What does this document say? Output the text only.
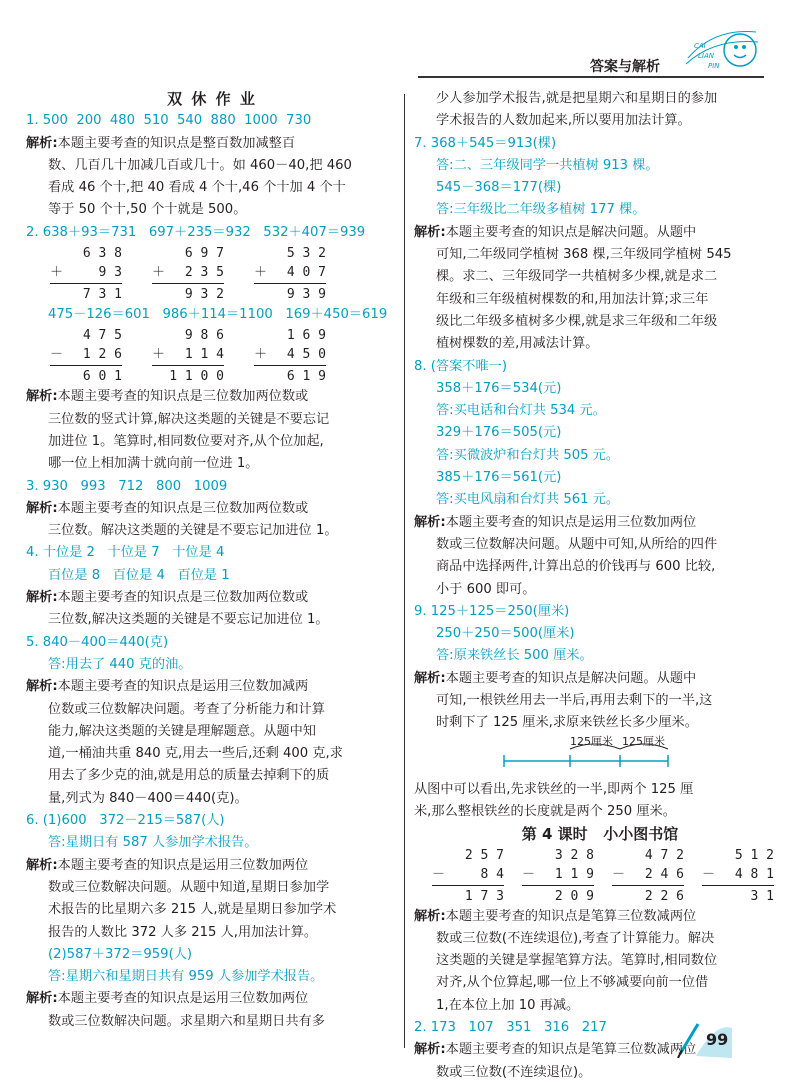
答案与解析
CAI
LIAN
PIN
双 休 作 业
1. 500  200  480  510  540  880  1000  730
解析:本题主要考查的知识点是整百数加减整百
数、几百几十加减几百或几十。如 460－40,把 460
看成 46 个十,把 40 看成 4 个十,46 个十加 4 个十
等于 50 个十,50 个十就是 500。
2. 638＋93＝731   697＋235＝932   532＋407＝939
6 3 8
＋ 9 3
7 3 1
6 9 7
＋ 2 3 5
9 3 2
5 3 2
＋ 4 0 7
9 3 9
475－126＝601   986＋114＝1100   169＋450＝619
4 7 5
－ 1 2 6
6 0 1
9 8 6
＋ 1 1 4
1 1 0 0
1 6 9
＋ 4 5 0
6 1 9
解析:本题主要考查的知识点是三位数加两位数或
三位数的竖式计算,解决这类题的关键是不要忘记
加进位 1。笔算时,相同数位要对齐,从个位加起,
哪一位上相加满十就向前一位进 1。
3. 930   993   712   800   1009
解析:本题主要考查的知识点是三位数加两位数或
三位数。解决这类题的关键是不要忘记加进位 1。
4. 十位是 2   十位是 7   十位是 4
百位是 8   百位是 4   百位是 1
解析:本题主要考查的知识点是三位数加两位数或
三位数,解决这类题的关键是不要忘记加进位 1。
5. 840－400＝440(克)
答:用去了 440 克的油。
解析:本题主要考查的知识点是运用三位数加减两
位数或三位数解决问题。考查了分析能力和计算
能力,解决这类题的关键是理解题意。从题中知
道,一桶油共重 840 克,用去一些后,还剩 400 克,求
用去了多少克的油,就是用总的质量去掉剩下的质
量,列式为 840－400＝440(克)。
6. (1)600   372－215＝587(人)
答:星期日有 587 人参加学术报告。
解析:本题主要考查的知识点是运用三位数加两位
数或三位数解决问题。从题中知道,星期日参加学
术报告的比星期六多 215 人,就是星期日参加学术
报告的人数比 372 人多 215 人,用加法计算。
(2)587＋372＝959(人)
答:星期六和星期日共有 959 人参加学术报告。
解析:本题主要考查的知识点是运用三位数加两位
数或三位数解决问题。求星期六和星期日共有多
少人参加学术报告,就是把星期六和星期日的参加
学术报告的人数加起来,所以要用加法计算。
7. 368＋545＝913(棵)
答:二、三年级同学一共植树 913 棵。
545－368＝177(棵)
答:三年级比二年级多植树 177 棵。
解析:本题主要考查的知识点是解决问题。从题中
可知,二年级同学植树 368 棵,三年级同学植树 545
棵。求二、三年级同学一共植树多少棵,就是求二
年级和三年级植树棵数的和,用加法计算;求三年
级比二年级多植树多少棵,就是求三年级和二年级
植树棵数的差,用减法计算。
8. (答案不唯一)
358＋176＝534(元)
答:买电话和台灯共 534 元。
329＋176＝505(元)
答:买微波炉和台灯共 505 元。
385＋176＝561(元)
答:买电风扇和台灯共 561 元。
解析:本题主要考查的知识点是运用三位数加两位
数或三位数解决问题。从题中可知,从所给的四件
商品中选择两件,计算出总的价钱再与 600 比较,
小于 600 即可。
9. 125＋125＝250(厘米)
250＋250＝500(厘米)
答:原来铁丝长 500 厘米。
解析:本题主要考查的知识点是解决问题。从题中
可知,一根铁丝用去一半后,再用去剩下的一半,这
时剩下了 125 厘米,求原来铁丝长多少厘米。
125厘米 125厘米
从图中可以看出,先求铁丝的一半,即两个 125 厘
米,那么整根铁丝的长度就是两个 250 厘米。
第 4 课时   小小图书馆
2 5 7
－ 8 4
1 7 3
3 2 8
－ 1 1 9
2 0 9
4 7 2
－ 2 4 6
2 2 6
5 1 2
－ 4 8 1
3 1
解析:本题主要考查的知识点是笔算三位数减两位
数或三位数(不连续退位),考查了计算能力。解决
这类题的关键是掌握笔算方法。笔算时,相同数位
对齐,从个位算起,哪一位上不够减要向前一位借
1,在本位上加 10 再减。
2. 173   107   351   316   217
解析:本题主要考查的知识点是笔算三位数减两位
数或三位数(不连续退位)。
99
